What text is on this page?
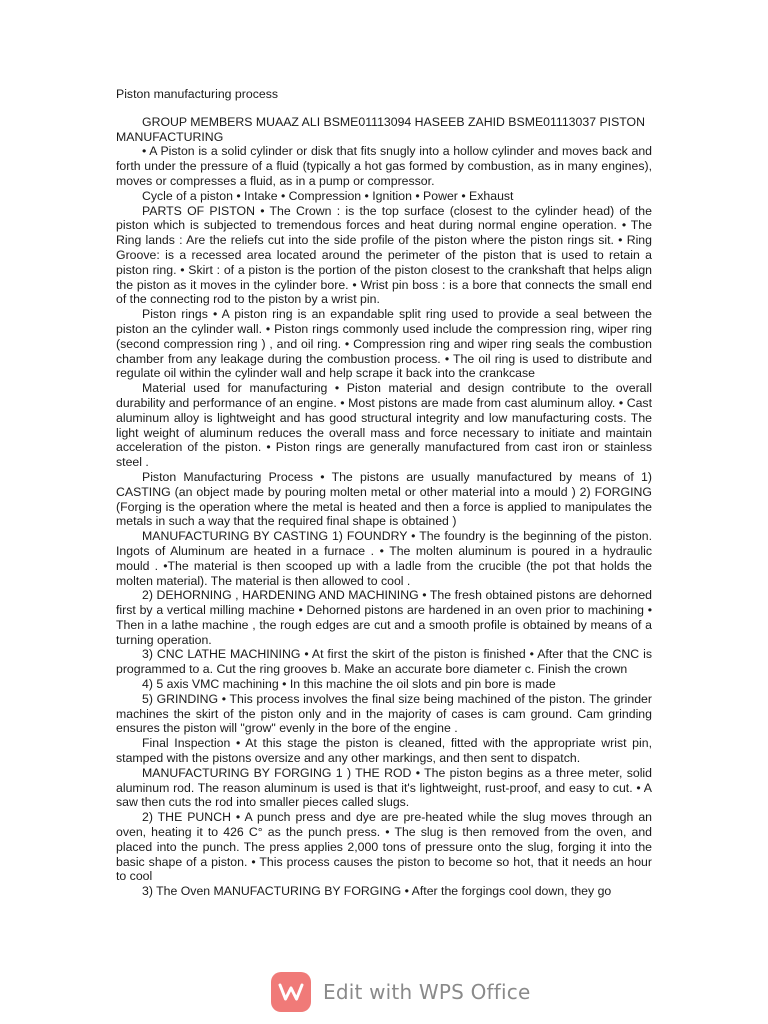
Piston manufacturing process

GROUP MEMBERS MUAAZ ALI BSME01113094 HASEEB ZAHID BSME01113037 PISTON MANUFACTURING

• A Piston is a solid cylinder or disk that fits snugly into a hollow cylinder and moves back and forth under the pressure of a fluid (typically a hot gas formed by combustion, as in many engines), moves or compresses a fluid, as in a pump or compressor.

Cycle of a piston • Intake • Compression • Ignition • Power • Exhaust

PARTS OF PISTON • The Crown : is the top surface (closest to the cylinder head) of the piston which is subjected to tremendous forces and heat during normal engine operation. • The Ring lands : Are the reliefs cut into the side profile of the piston where the piston rings sit. • Ring Groove: is a recessed area located around the perimeter of the piston that is used to retain a piston ring. • Skirt : of a piston is the portion of the piston closest to the crankshaft that helps align the piston as it moves in the cylinder bore. • Wrist pin boss : is a bore that connects the small end of the connecting rod to the piston by a wrist pin.

Piston rings • A piston ring is an expandable split ring used to provide a seal between the piston an the cylinder wall. • Piston rings commonly used include the compression ring, wiper ring (second compression ring ) , and oil ring. • Compression ring and wiper ring seals the combustion chamber from any leakage during the combustion process. • The oil ring is used to distribute and regulate oil within the cylinder wall and help scrape it back into the crankcase

Material used for manufacturing • Piston material and design contribute to the overall durability and performance of an engine. • Most pistons are made from cast aluminum alloy. • Cast aluminum alloy is lightweight and has good structural integrity and low manufacturing costs. The light weight of aluminum reduces the overall mass and force necessary to initiate and maintain acceleration of the piston. • Piston rings are generally manufactured from cast iron or stainless steel .

Piston Manufacturing Process • The pistons are usually manufactured by means of 1) CASTING (an object made by pouring molten metal or other material into a mould ) 2) FORGING (Forging is the operation where the metal is heated and then a force is applied to manipulates the metals in such a way that the required final shape is obtained )

MANUFACTURING BY CASTING 1) FOUNDRY • The foundry is the beginning of the piston. Ingots of Aluminum are heated in a furnace . • The molten aluminum is poured in a hydraulic mould . •The material is then scooped up with a ladle from the crucible (the pot that holds the molten material). The material is then allowed to cool .

2) DEHORNING , HARDENING AND MACHINING • The fresh obtained pistons are dehorned first by a vertical milling machine • Dehorned pistons are hardened in an oven prior to machining • Then in a lathe machine , the rough edges are cut and a smooth profile is obtained by means of a turning operation.

3) CNC LATHE MACHINING • At first the skirt of the piston is finished • After that the CNC is programmed to a. Cut the ring grooves b. Make an accurate bore diameter c. Finish the crown

4) 5 axis VMC machining • In this machine the oil slots and pin bore is made

5) GRINDING • This process involves the final size being machined of the piston. The grinder machines the skirt of the piston only and in the majority of cases is cam ground. Cam grinding ensures the piston will "grow" evenly in the bore of the engine .

Final Inspection • At this stage the piston is cleaned, fitted with the appropriate wrist pin, stamped with the pistons oversize and any other markings, and then sent to dispatch.

MANUFACTURING BY FORGING 1 ) THE ROD • The piston begins as a three meter, solid aluminum rod. The reason aluminum is used is that it's lightweight, rust-proof, and easy to cut. • A saw then cuts the rod into smaller pieces called slugs.

2) THE PUNCH • A punch press and dye are pre-heated while the slug moves through an oven, heating it to 426 C° as the punch press. • The slug is then removed from the oven, and placed into the punch. The press applies 2,000 tons of pressure onto the slug, forging it into the basic shape of a piston. • This process causes the piston to become so hot, that it needs an hour to cool

3) The Oven MANUFACTURING BY FORGING • After the forgings cool down, they go

Edit with WPS Office
